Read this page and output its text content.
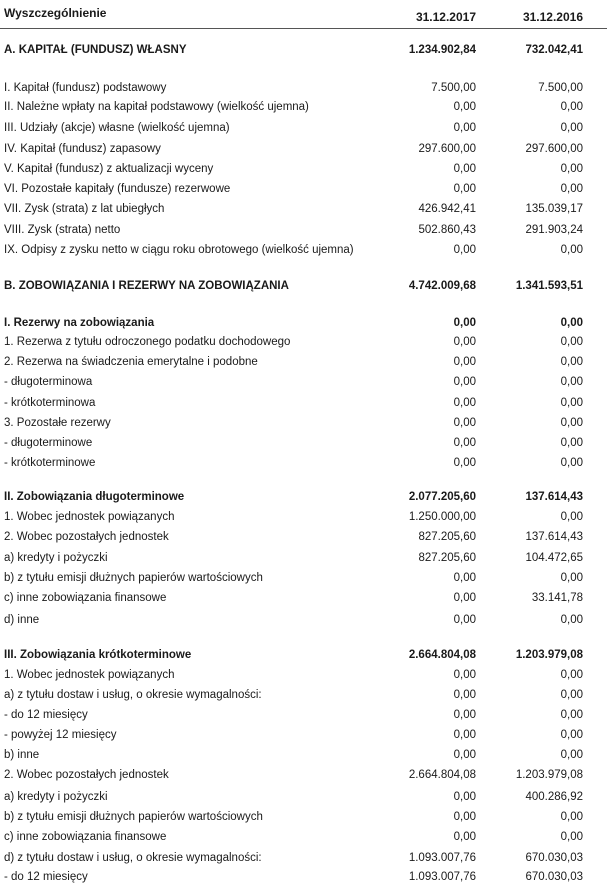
Wyszczególnienie	31.12.2017	31.12.2016
A. KAPITAŁ (FUNDUSZ) WŁASNY	1.234.902,84	732.042,41
I. Kapitał (fundusz) podstawowy	7.500,00	7.500,00
II. Należne wpłaty na kapitał podstawowy (wielkość ujemna)	0,00	0,00
III. Udziały (akcje) własne (wielkość ujemna)	0,00	0,00
IV. Kapitał (fundusz) zapasowy	297.600,00	297.600,00
V. Kapitał (fundusz) z aktualizacji wyceny	0,00	0,00
VI. Pozostałe kapitały (fundusze) rezerwowe	0,00	0,00
VII. Zysk (strata) z lat ubiegłych	426.942,41	135.039,17
VIII. Zysk (strata) netto	502.860,43	291.903,24
IX. Odpisy z zysku netto w ciągu roku obrotowego (wielkość ujemna)	0,00	0,00
B. ZOBOWIĄZANIA I REZERWY NA ZOBOWIĄZANIA	4.742.009,68	1.341.593,51
I. Rezerwy na zobowiązania	0,00	0,00
1. Rezerwa z tytułu odroczonego podatku dochodowego	0,00	0,00
2. Rezerwa na świadczenia emerytalne i podobne	0,00	0,00
- długoterminowa	0,00	0,00
- krótkoterminowa	0,00	0,00
3. Pozostałe rezerwy	0,00	0,00
- długoterminowe	0,00	0,00
- krótkoterminowe	0,00	0,00
II. Zobowiązania długoterminowe	2.077.205,60	137.614,43
1. Wobec jednostek powiązanych	1.250.000,00	0,00
2. Wobec pozostałych jednostek	827.205,60	137.614,43
a) kredyty i pożyczki	827.205,60	104.472,65
b) z tytułu emisji dłużnych papierów wartościowych	0,00	0,00
c) inne zobowiązania finansowe	0,00	33.141,78
d) inne	0,00	0,00
III. Zobowiązania krótkoterminowe	2.664.804,08	1.203.979,08
1. Wobec jednostek powiązanych	0,00	0,00
a) z tytułu dostaw i usług, o okresie wymagalności:	0,00	0,00
- do 12 miesięcy	0,00	0,00
- powyżej 12 miesięcy	0,00	0,00
b) inne	0,00	0,00
2. Wobec pozostałych jednostek	2.664.804,08	1.203.979,08
a) kredyty i pożyczki	0,00	400.286,92
b) z tytułu emisji dłużnych papierów wartościowych	0,00	0,00
c) inne zobowiązania finansowe	0,00	0,00
d) z tytułu dostaw i usług, o okresie wymagalności:	1.093.007,76	670.030,03
- do 12 miesięcy	1.093.007,76	670.030,03
